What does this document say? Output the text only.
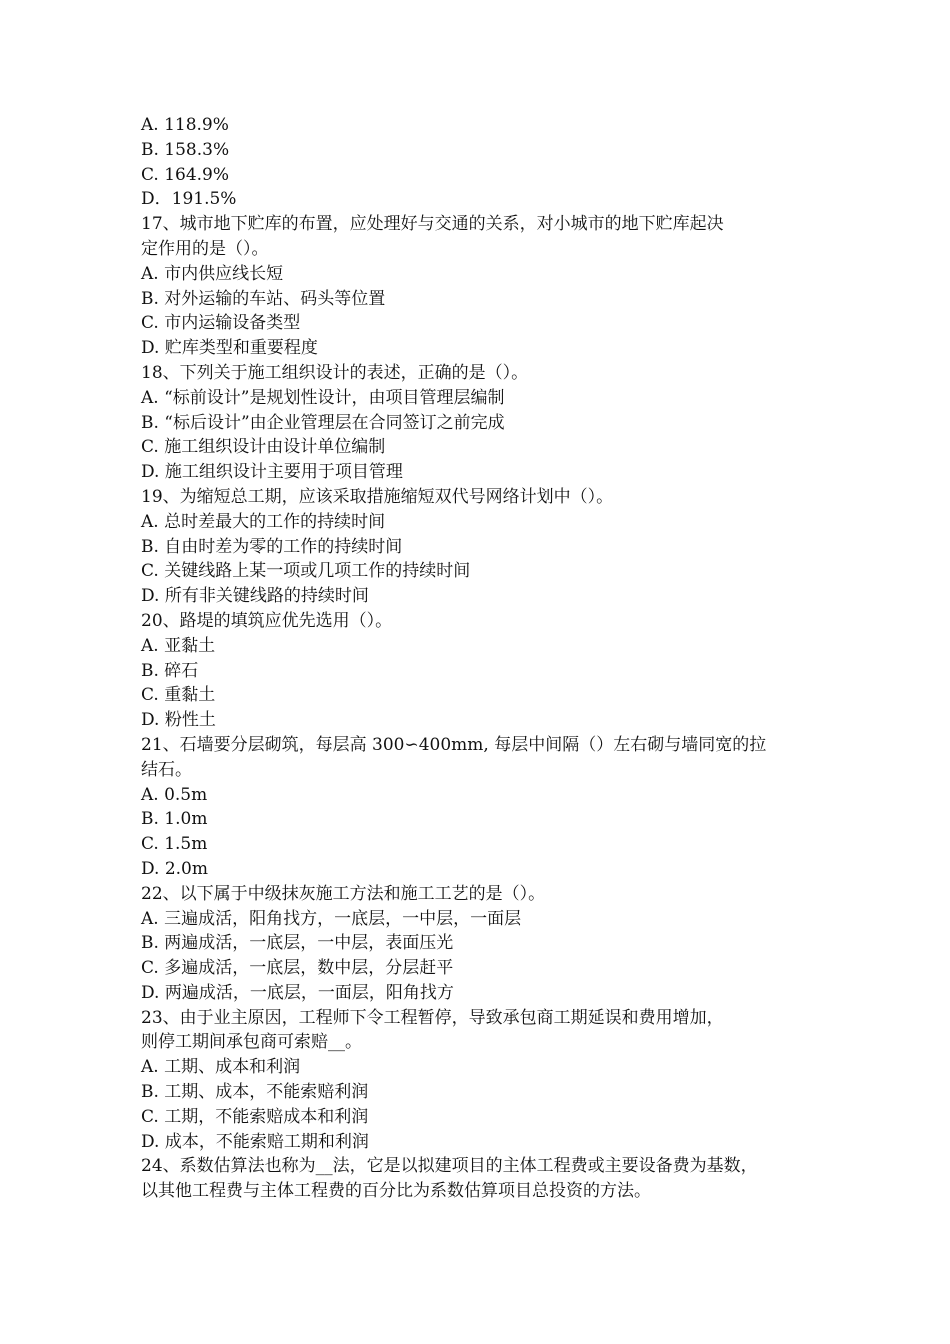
A. 118.9%
B. 158.3%
C. 164.9%
D．191.5%
17、城市地下贮库的布置，应处理好与交通的关系，对小城市的地下贮库起决
定作用的是（）。
A. 市内供应线长短
B. 对外运输的车站、码头等位置
C. 市内运输设备类型
D. 贮库类型和重要程度
18、下列关于施工组织设计的表述，正确的是（）。
A. “标前设计”是规划性设计，由项目管理层编制
B. “标后设计”由企业管理层在合同签订之前完成
C. 施工组织设计由设计单位编制
D. 施工组织设计主要用于项目管理
19、为缩短总工期，应该采取措施缩短双代号网络计划中（）。
A. 总时差最大的工作的持续时间
B. 自由时差为零的工作的持续时间
C. 关键线路上某一项或几项工作的持续时间
D. 所有非关键线路的持续时间
20、路堤的填筑应优先选用（）。
A. 亚黏土
B. 碎石
C. 重黏土
D. 粉性土
21、石墙要分层砌筑，每层高 300∽400mm, 每层中间隔（）左右砌与墙同宽的拉
结石。
A. 0.5m
B. 1.0m
C. 1.5m
D. 2.0m
22、以下属于中级抹灰施工方法和施工工艺的是（）。
A. 三遍成活，阳角找方，一底层，一中层，一面层
B. 两遍成活，一底层，一中层，表面压光
C. 多遍成活，一底层，数中层，分层赶平
D. 两遍成活，一底层，一面层，阳角找方
23、由于业主原因，工程师下令工程暂停，导致承包商工期延误和费用增加，
则停工期间承包商可索赔__。
A. 工期、成本和利润
B. 工期、成本，不能索赔利润
C. 工期，不能索赔成本和利润
D. 成本，不能索赔工期和利润
24、系数估算法也称为__法，它是以拟建项目的主体工程费或主要设备费为基数，
以其他工程费与主体工程费的百分比为系数估算项目总投资的方法。
